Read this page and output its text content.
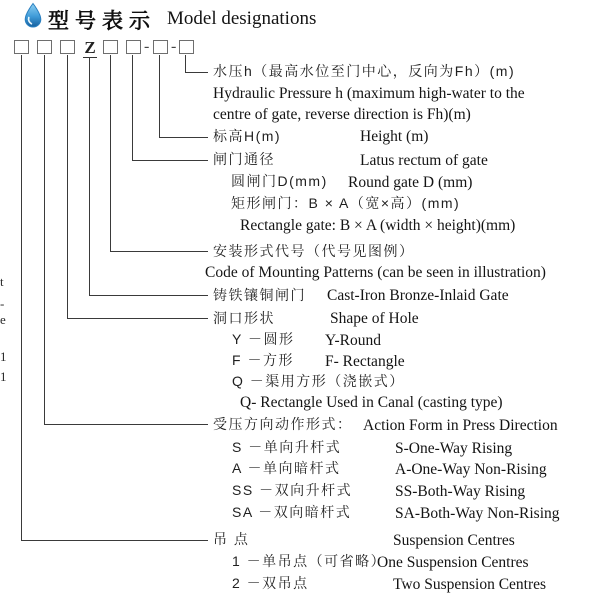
型号表示 Model designations
Z	- -
水压h（最高水位至门中心，反向为Fh）(m)
Hydraulic Pressure h (maximum high-water to the
centre of gate, reverse direction is Fh)(m)
标高H(m)	Height (m)
闸门通径	Latus rectum of gate
圆闸门D(mm) Round gate D (mm)
矩形闸门：B × A（宽×高）(mm)
Rectangle gate: B × A (width × height)(mm)
安装形式代号（代号见图例）
Code of Mounting Patterns (can be seen in illustration)
铸铁镶铜闸门 Cast-Iron Bronze-Inlaid Gate
洞口形状	Shape of Hole
Y －圆形 Y-Round
F －方形 F- Rectangle
Q －渠用方形（浇嵌式）
Q- Rectangle Used in Canal (casting type)
受压方向动作形式： Action Form in Press Direction
S －单向升杆式	S-One-Way Rising
A －单向暗杆式	A-One-Way Non-Rising
SS －双向升杆式	SS-Both-Way Rising
SA －双向暗杆式	SA-Both-Way Non-Rising
吊 点	Suspension Centres
1 －单吊点（可省略）
One Suspension Centres
2 －双吊点	Two Suspension Centres
t
-
e
1
1
